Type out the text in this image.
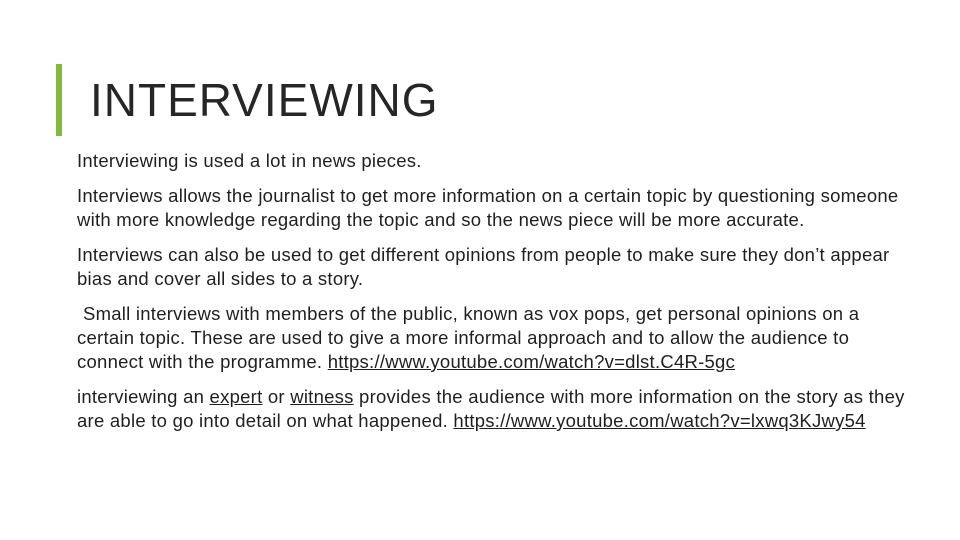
INTERVIEWING

Interviewing is used a lot in news pieces.

Interviews allows the journalist to get more information on a certain topic by questioning someone with more knowledge regarding the topic and so the news piece will be more accurate.

Interviews can also be used to get different opinions from people to make sure they don’t appear bias and cover all sides to a story.

Small interviews with members of the public, known as vox pops, get personal opinions on a certain topic. These are used to give a more informal approach and to allow the audience to connect with the programme. https://www.youtube.com/watch?v=dlst.C4R-5gc

interviewing an expert or witness provides the audience with more information on the story as they are able to go into detail on what happened. https://www.youtube.com/watch?v=lxwq3KJwy54
